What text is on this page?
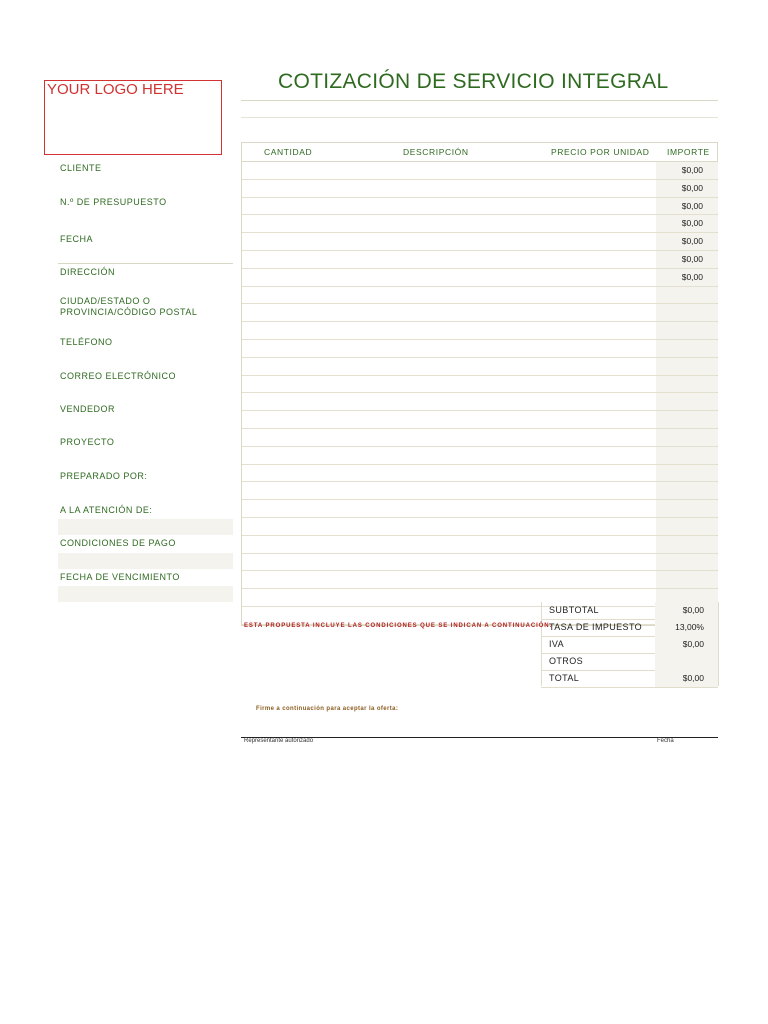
YOUR LOGO HERE	COTIZACIÓN DE SERVICIO INTEGRAL
CLIENTE
N.º DE PRESUPUESTO
FECHA
DIRECCIÓN
CIUDAD/ESTADO O PROVINCIA/CÓDIGO POSTAL
TELÉFONO
CORREO ELECTRÓNICO
VENDEDOR
PROYECTO
PREPARADO POR:
A LA ATENCIÓN DE:
CONDICIONES DE PAGO
FECHA DE VENCIMIENTO
CANTIDAD	DESCRIPCIÓN	PRECIO POR UNIDAD IMPORTE
$0,00
$0,00
$0,00
$0,00
$0,00
$0,00
$0,00
SUBTOTAL	$0,00
TASA DE IMPUESTO	13,00%
IVA	$0,00
OTROS
TOTAL	$0,00
ESTA PROPUESTA INCLUYE LAS CONDICIONES QUE SE INDICAN A CONTINUACIÓN:
Firme a continuación para aceptar la oferta:
Representante autorizado	Fecha
